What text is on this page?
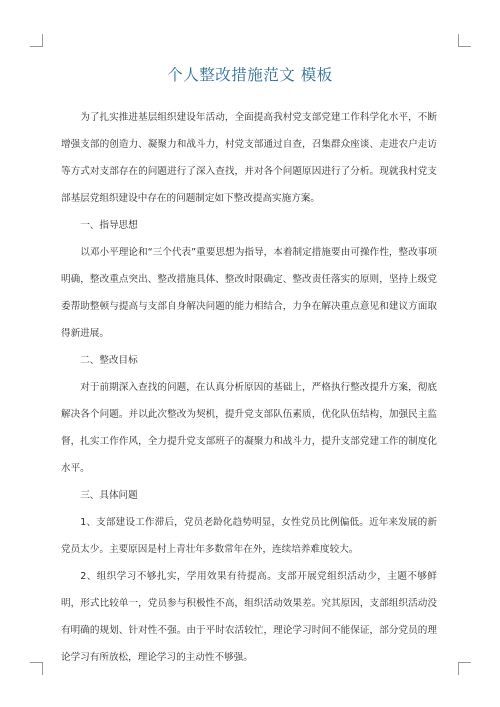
个人整改措施范文 模板

为了扎实推进基层组织建设年活动，全面提高我村党支部党建工作科学化水平，不断增强支部的创造力、凝聚力和战斗力，村党支部通过自查，召集群众座谈、走进农户走访等方式对支部存在的问题进行了深入查找，并对各个问题原因进行了分析。现就我村党支部基层党组织建设中存在的问题制定如下整改提高实施方案。

一、指导思想

以邓小平理论和“三个代表”重要思想为指导，本着制定措施要由可操作性，整改事项明确，整改重点突出、整改措施具体、整改时限确定、整改责任落实的原则，坚持上级党委帮助整顿与提高与支部自身解决问题的能力相结合，力争在解决重点意见和建议方面取得新进展。

二、整改目标

对于前期深入查找的问题，在认真分析原因的基础上，严格执行整改提升方案，彻底解决各个问题。并以此次整改为契机，提升党支部队伍素质，优化队伍结构，加强民主监督，扎实工作作风，全力提升党支部班子的凝聚力和战斗力，提升支部党建工作的制度化水平。

三、具体问题

1、支部建设工作滞后，党员老龄化趋势明显，女性党员比例偏低。近年来发展的新党员太少。主要原因是村上青壮年多数常年在外，连续培养难度较大。

2、组织学习不够扎实，学用效果有待提高。支部开展党组织活动少，主题不够鲜明，形式比较单一，党员参与积极性不高，组织活动效果差。究其原因，支部组织活动没有明确的规划、针对性不强。由于平时农活较忙，理论学习时间不能保证，部分党员的理论学习有所放松，理论学习的主动性不够强。
